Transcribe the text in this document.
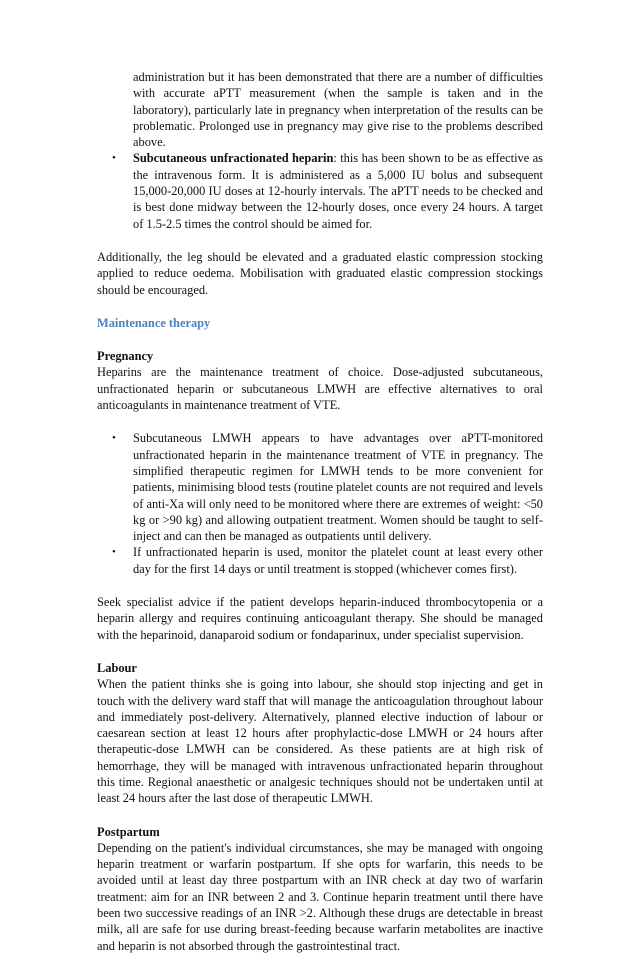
administration but it has been demonstrated that there are a number of difficulties with accurate aPTT measurement (when the sample is taken and in the laboratory), particularly late in pregnancy when interpretation of the results can be problematic. Prolonged use in pregnancy may give rise to the problems described above.

• Subcutaneous unfractionated heparin: this has been shown to be as effective as the intravenous form. It is administered as a 5,000 IU bolus and subsequent 15,000-20,000 IU doses at 12-hourly intervals. The aPTT needs to be checked and is best done midway between the 12-hourly doses, once every 24 hours. A target of 1.5-2.5 times the control should be aimed for.

Additionally, the leg should be elevated and a graduated elastic compression stocking applied to reduce oedema. Mobilisation with graduated elastic compression stockings should be encouraged.

Maintenance therapy

Pregnancy

Heparins are the maintenance treatment of choice. Dose-adjusted subcutaneous, unfractionated heparin or subcutaneous LMWH are effective alternatives to oral anticoagulants in maintenance treatment of VTE.

• Subcutaneous LMWH appears to have advantages over aPTT-monitored unfractionated heparin in the maintenance treatment of VTE in pregnancy. The simplified therapeutic regimen for LMWH tends to be more convenient for patients, minimising blood tests (routine platelet counts are not required and levels of anti-Xa will only need to be monitored where there are extremes of weight: <50 kg or >90 kg) and allowing outpatient treatment. Women should be taught to self-inject and can then be managed as outpatients until delivery.
• If unfractionated heparin is used, monitor the platelet count at least every other day for the first 14 days or until treatment is stopped (whichever comes first).

Seek specialist advice if the patient develops heparin-induced thrombocytopenia or a heparin allergy and requires continuing anticoagulant therapy. She should be managed with the heparinoid, danaparoid sodium or fondaparinux, under specialist supervision.

Labour

When the patient thinks she is going into labour, she should stop injecting and get in touch with the delivery ward staff that will manage the anticoagulation throughout labour and immediately post-delivery. Alternatively, planned elective induction of labour or caesarean section at least 12 hours after prophylactic-dose LMWH or 24 hours after therapeutic-dose LMWH can be considered. As these patients are at high risk of hemorrhage, they will be managed with intravenous unfractionated heparin throughout this time. Regional anaesthetic or analgesic techniques should not be undertaken until at least 24 hours after the last dose of therapeutic LMWH.

Postpartum

Depending on the patient's individual circumstances, she may be managed with ongoing heparin treatment or warfarin postpartum. If she opts for warfarin, this needs to be avoided until at least day three postpartum with an INR check at day two of warfarin treatment: aim for an INR between 2 and 3. Continue heparin treatment until there have been two successive readings of an INR >2. Although these drugs are detectable in breast milk, all are safe for use during breast-feeding because warfarin metabolites are inactive and heparin is not absorbed through the gastrointestinal tract.
